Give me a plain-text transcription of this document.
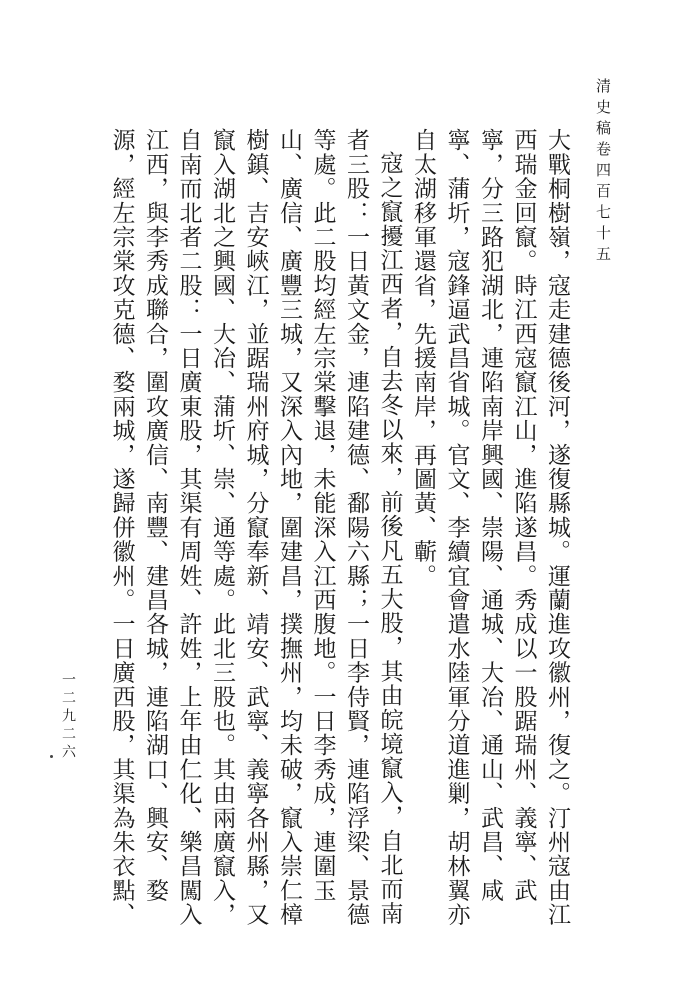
清史稿卷四百七十五

大戰桐樹嶺，寇走建德後河，遂復縣城。運蘭進攻徽州，復之。汀州寇由江西瑞金回竄。時江西寇竄江山，進陷遂昌。秀成以一股踞瑞州、義寧、武寧，分三路犯湖北，連陷南岸興國、崇陽、通城、大冶、通山、武昌、咸寧、蒲圻，寇鋒逼武昌省城。官文、李續宜會遣水陸軍分道進剿，胡林翼亦自太湖移軍還省，先援南岸，再圖黃、蘄。

寇之竄擾江西者，自去冬以來，前後凡五大股，其由皖境竄入，自北而南者三股：一日黃文金，連陷建德、鄱陽六縣；一日李侍賢，連陷浮梁、景德等處。此二股均經左宗棠擊退，未能深入江西腹地。一日李秀成，連圍玉山、廣信、廣豐三城，又深入內地，圍建昌，撲撫州，均未破，竄入崇仁樟樹鎮、吉安峽江，並踞瑞州府城，分竄奉新、靖安、武寧、義寧各州縣，又竄入湖北之興國、大冶、蒲圻、崇、通等處。此北三股也。其由兩廣竄入，自南而北者二股：一日廣東股，其渠有周姓、許姓，上年由仁化、樂昌闖入江西，與李秀成聯合，圍攻廣信、南豐、建昌各城，連陷湖口、興安、婺源，經左宗棠攻克德、婺兩城，遂歸併徽州。一日廣西股，其渠為朱衣點、

一二九二六
